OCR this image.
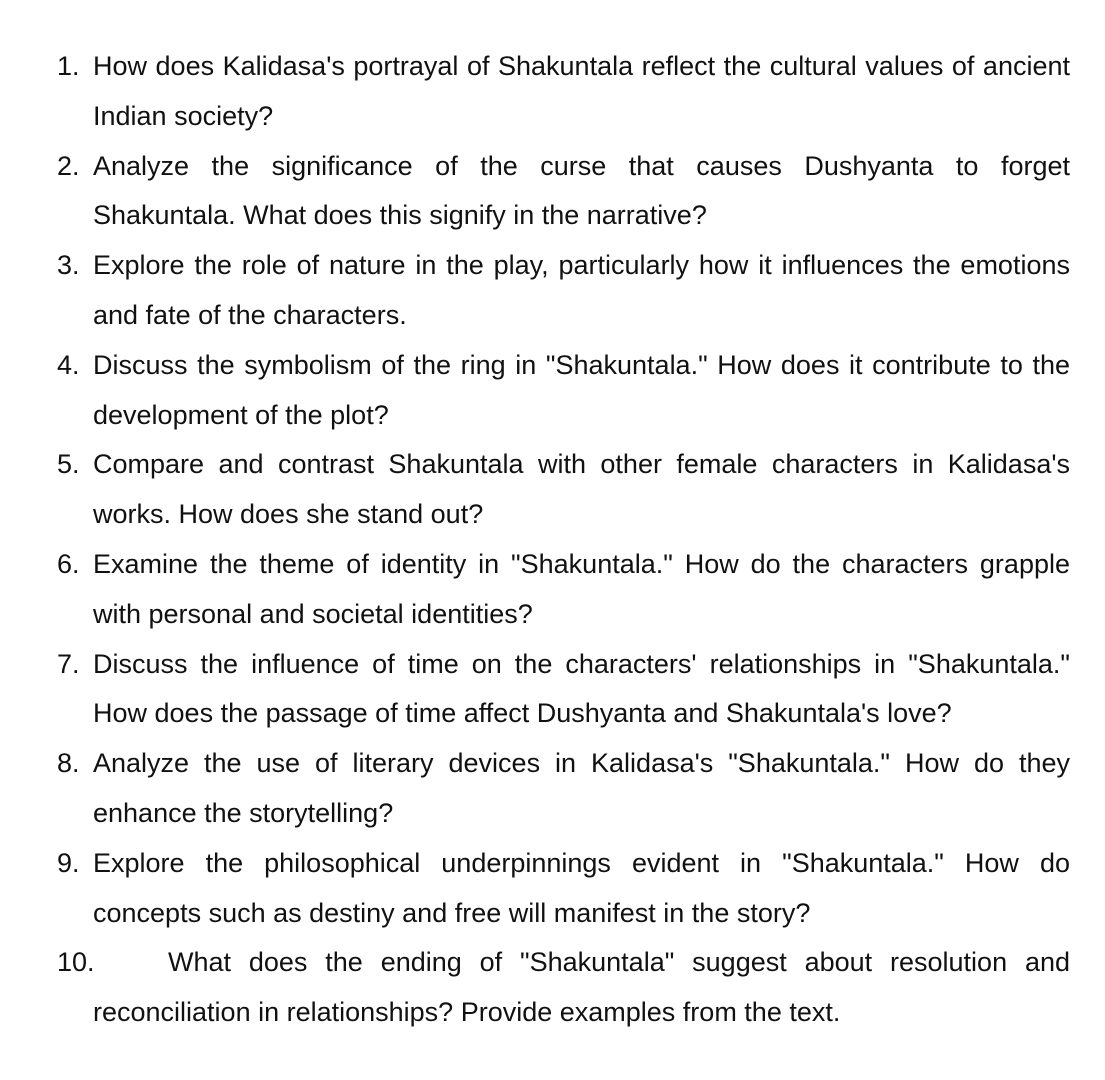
1. How does Kalidasa's portrayal of Shakuntala reflect the cultural values of ancient Indian society?
2. Analyze the significance of the curse that causes Dushyanta to forget Shakuntala. What does this signify in the narrative?
3. Explore the role of nature in the play, particularly how it influences the emotions and fate of the characters.
4. Discuss the symbolism of the ring in "Shakuntala." How does it contribute to the development of the plot?
5. Compare and contrast Shakuntala with other female characters in Kalidasa's works. How does she stand out?
6. Examine the theme of identity in "Shakuntala." How do the characters grapple with personal and societal identities?
7. Discuss the influence of time on the characters' relationships in "Shakuntala." How does the passage of time affect Dushyanta and Shakuntala's love?
8. Analyze the use of literary devices in Kalidasa's "Shakuntala." How do they enhance the storytelling?
9. Explore the philosophical underpinnings evident in "Shakuntala." How do concepts such as destiny and free will manifest in the story?
10.	What does the ending of "Shakuntala" suggest about resolution and reconciliation in relationships? Provide examples from the text.
